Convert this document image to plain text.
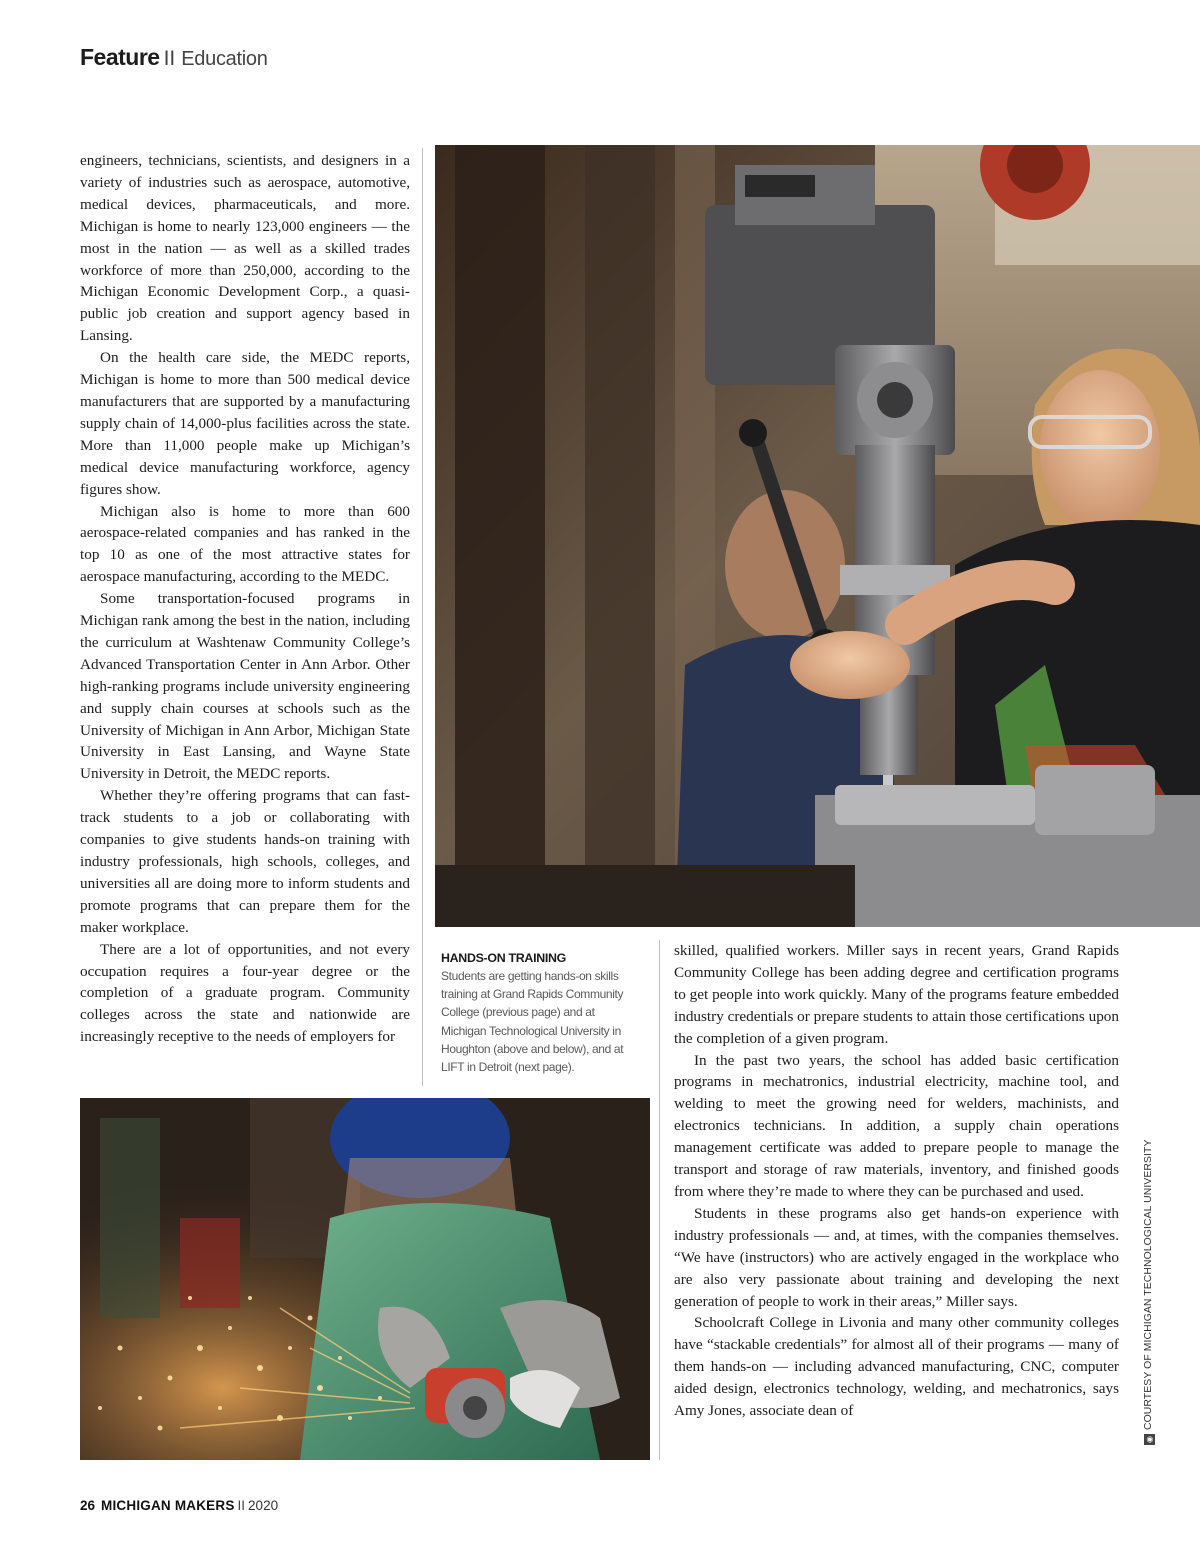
Feature II Education

engineers, technicians, scientists, and designers in a variety of industries such as aerospace, automotive, medical devices, pharmaceuticals, and more. Michigan is home to nearly 123,000 engineers — the most in the nation — as well as a skilled trades workforce of more than 250,000, according to the Michigan Economic Development Corp., a quasi-public job creation and support agency based in Lansing.

On the health care side, the MEDC reports, Michigan is home to more than 500 medical device manufacturers that are supported by a manufacturing supply chain of 14,000-plus facilities across the state. More than 11,000 people make up Michigan’s medical device manufacturing workforce, agency figures show.

Michigan also is home to more than 600 aerospace-related companies and has ranked in the top 10 as one of the most attractive states for aerospace manufacturing, according to the MEDC.

Some transportation-focused programs in Michigan rank among the best in the nation, including the curriculum at Washtenaw Community College’s Advanced Transportation Center in Ann Arbor. Other high-ranking programs include university engineering and supply chain courses at schools such as the University of Michigan in Ann Arbor, Michigan State University in East Lansing, and Wayne State University in Detroit, the MEDC reports.

Whether they’re offering programs that can fast-track students to a job or collaborating with companies to give students hands-on training with industry professionals, high schools, colleges, and universities all are doing more to inform students and promote programs that can prepare them for the maker workplace.

There are a lot of opportunities, and not every occupation requires a four-year degree or the completion of a graduate program. Community colleges across the state and nationwide are increasingly receptive to the needs of employers for

HANDS-ON TRAINING
Students are getting hands-on skills training at Grand Rapids Community College (previous page) and at Michigan Technological University in Houghton (above and below), and at LIFT in Detroit (next page).

skilled, qualified workers. Miller says in recent years, Grand Rapids Community College has been adding degree and certification programs to get people into work quickly. Many of the programs feature embedded industry credentials or prepare students to attain those certifications upon the completion of a given program.

In the past two years, the school has added basic certification programs in mechatronics, industrial electricity, machine tool, and welding to meet the growing need for welders, machinists, and electronics technicians. In addition, a supply chain operations management certificate was added to prepare people to manage the transport and storage of raw materials, inventory, and finished goods from where they’re made to where they can be purchased and used.

Students in these programs also get hands-on experience with industry professionals — and, at times, with the companies themselves. “We have (instructors) who are actively engaged in the workplace who are also very passionate about training and developing the next generation of people to work in their areas,” Miller says.

Schoolcraft College in Livonia and many other community colleges have “stackable credentials” for almost all of their programs — many of them hands-on — including advanced manufacturing, CNC, computer aided design, electronics technology, welding, and mechatronics, says Amy Jones, associate dean of

◉COURTESY OF MICHIGAN TECHNOLOGICAL UNIVERSITY
26 MICHIGAN MAKERS II 2020
